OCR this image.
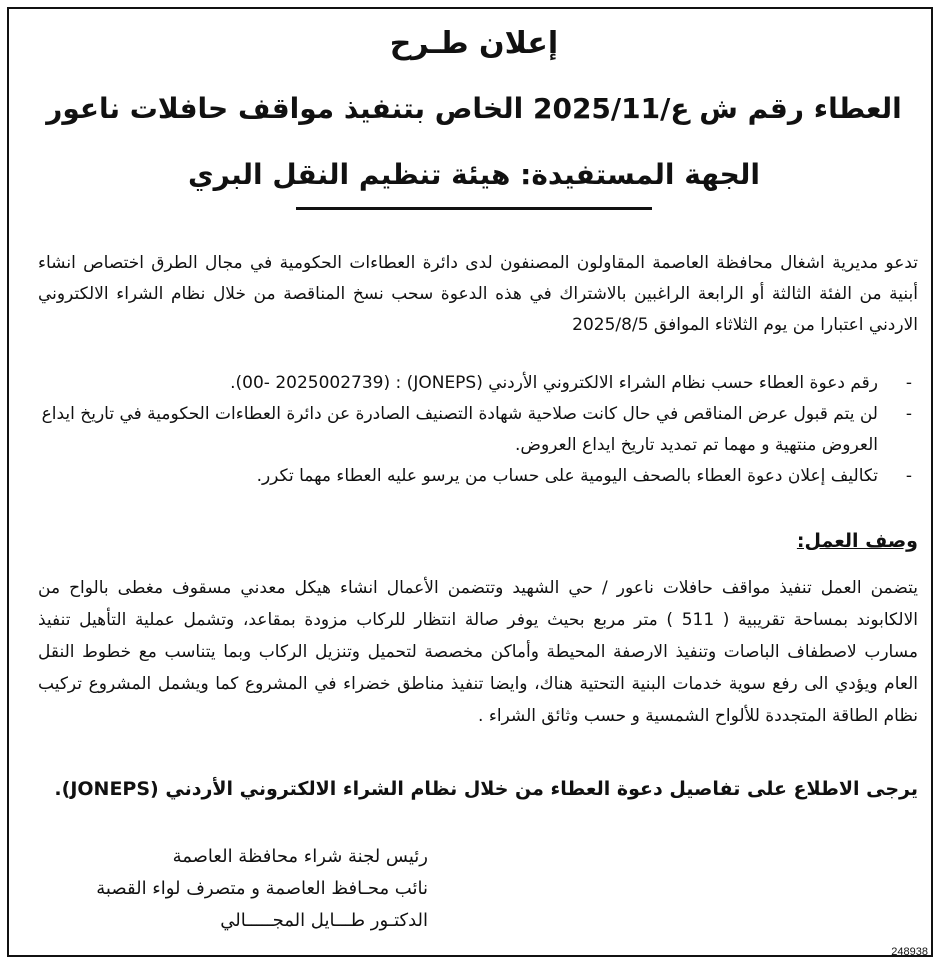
إعلان طـرح
العطاء رقم ش ع/2025/11 الخاص بتنفيذ مواقف حافلات ناعور
الجهة المستفيدة: هيئة تنظيم النقل البري
تدعو مديرية اشغال محافظة العاصمة المقاولون المصنفون لدى دائرة العطاءات الحكومية في مجال الطرق اختصاص انشاء أبنية من الفئة الثالثة أو الرابعة الراغبين بالاشتراك في هذه الدعوة سحب نسخ المناقصة من خلال نظام الشراء الالكتروني الاردني اعتبارا من يوم الثلاثاء الموافق 2025/8/5
-
رقم دعوة العطاء حسب نظام الشراء الالكتروني الأردني (JONEPS) : (00- 2025002739).
-
لن يتم قبول عرض المناقص في حال كانت صلاحية شهادة التصنيف الصادرة عن دائرة العطاءات الحكومية في تاريخ ايداع العروض منتهية و مهما تم تمديد تاريخ ايداع العروض.
-
تكاليف إعلان دعوة العطاء بالصحف اليومية على حساب من يرسو عليه العطاء مهما تكرر.
وصف العمل:
يتضمن العمل تنفيذ مواقف حافلات ناعور / حي الشهيد وتتضمن الأعمال انشاء هيكل معدني مسقوف مغطى بالواح من الالكابوند بمساحة تقريبية ( 511 ) متر مربع بحيث يوفر صالة انتظار للركاب مزودة بمقاعد، وتشمل عملية التأهيل تنفيذ مسارب لاصطفاف الباصات وتنفيذ الارصفة المحيطة وأماكن مخصصة لتحميل وتنزيل الركاب وبما يتناسب مع خطوط النقل العام ويؤدي الى رفع سوية خدمات البنية التحتية هناك، وايضا تنفيذ مناطق خضراء في المشروع كما ويشمل المشروع تركيب نظام الطاقة المتجددة للألواح الشمسية و حسب وثائق الشراء .
يرجى الاطلاع على تفاصيل دعوة العطاء من خلال نظام الشراء الالكتروني الأردني (JONEPS).
رئيس لجنة شراء محافظة العاصمة
نائب محـافظ العاصمة و متصرف لواء القصبة
الدكتـور طـــايل المجـــــالي
248938
